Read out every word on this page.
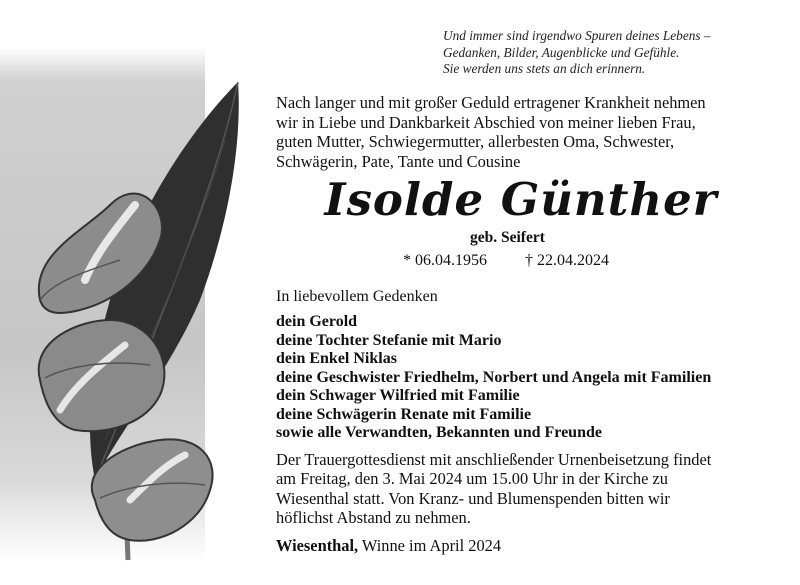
Und immer sind irgendwo Spuren deines Lebens –
Gedanken, Bilder, Augenblicke und Gefühle.
Sie werden uns stets an dich erinnern.
Nach langer und mit großer Geduld ertragener Krankheit nehmen
wir in Liebe und Dankbarkeit Abschied von meiner lieben Frau,
guten Mutter, Schwiegermutter, allerbesten Oma, Schwester,
Schwägerin, Pate, Tante und Cousine
Isolde Günther
geb. Seifert
* 06.04.1956 † 22.04.2024
In liebevollem Gedenken
dein Gerold
deine Tochter Stefanie mit Mario
dein Enkel Niklas
deine Geschwister Friedhelm, Norbert und Angela mit Familien
dein Schwager Wilfried mit Familie
deine Schwägerin Renate mit Familie
sowie alle Verwandten, Bekannten und Freunde
Der Trauergottesdienst mit anschließender Urnenbeisetzung findet
am Freitag, den 3. Mai 2024 um 15.00 Uhr in der Kirche zu
Wiesenthal statt. Von Kranz- und Blumenspenden bitten wir
höflichst Abstand zu nehmen.
Wiesenthal, Winne im April 2024
